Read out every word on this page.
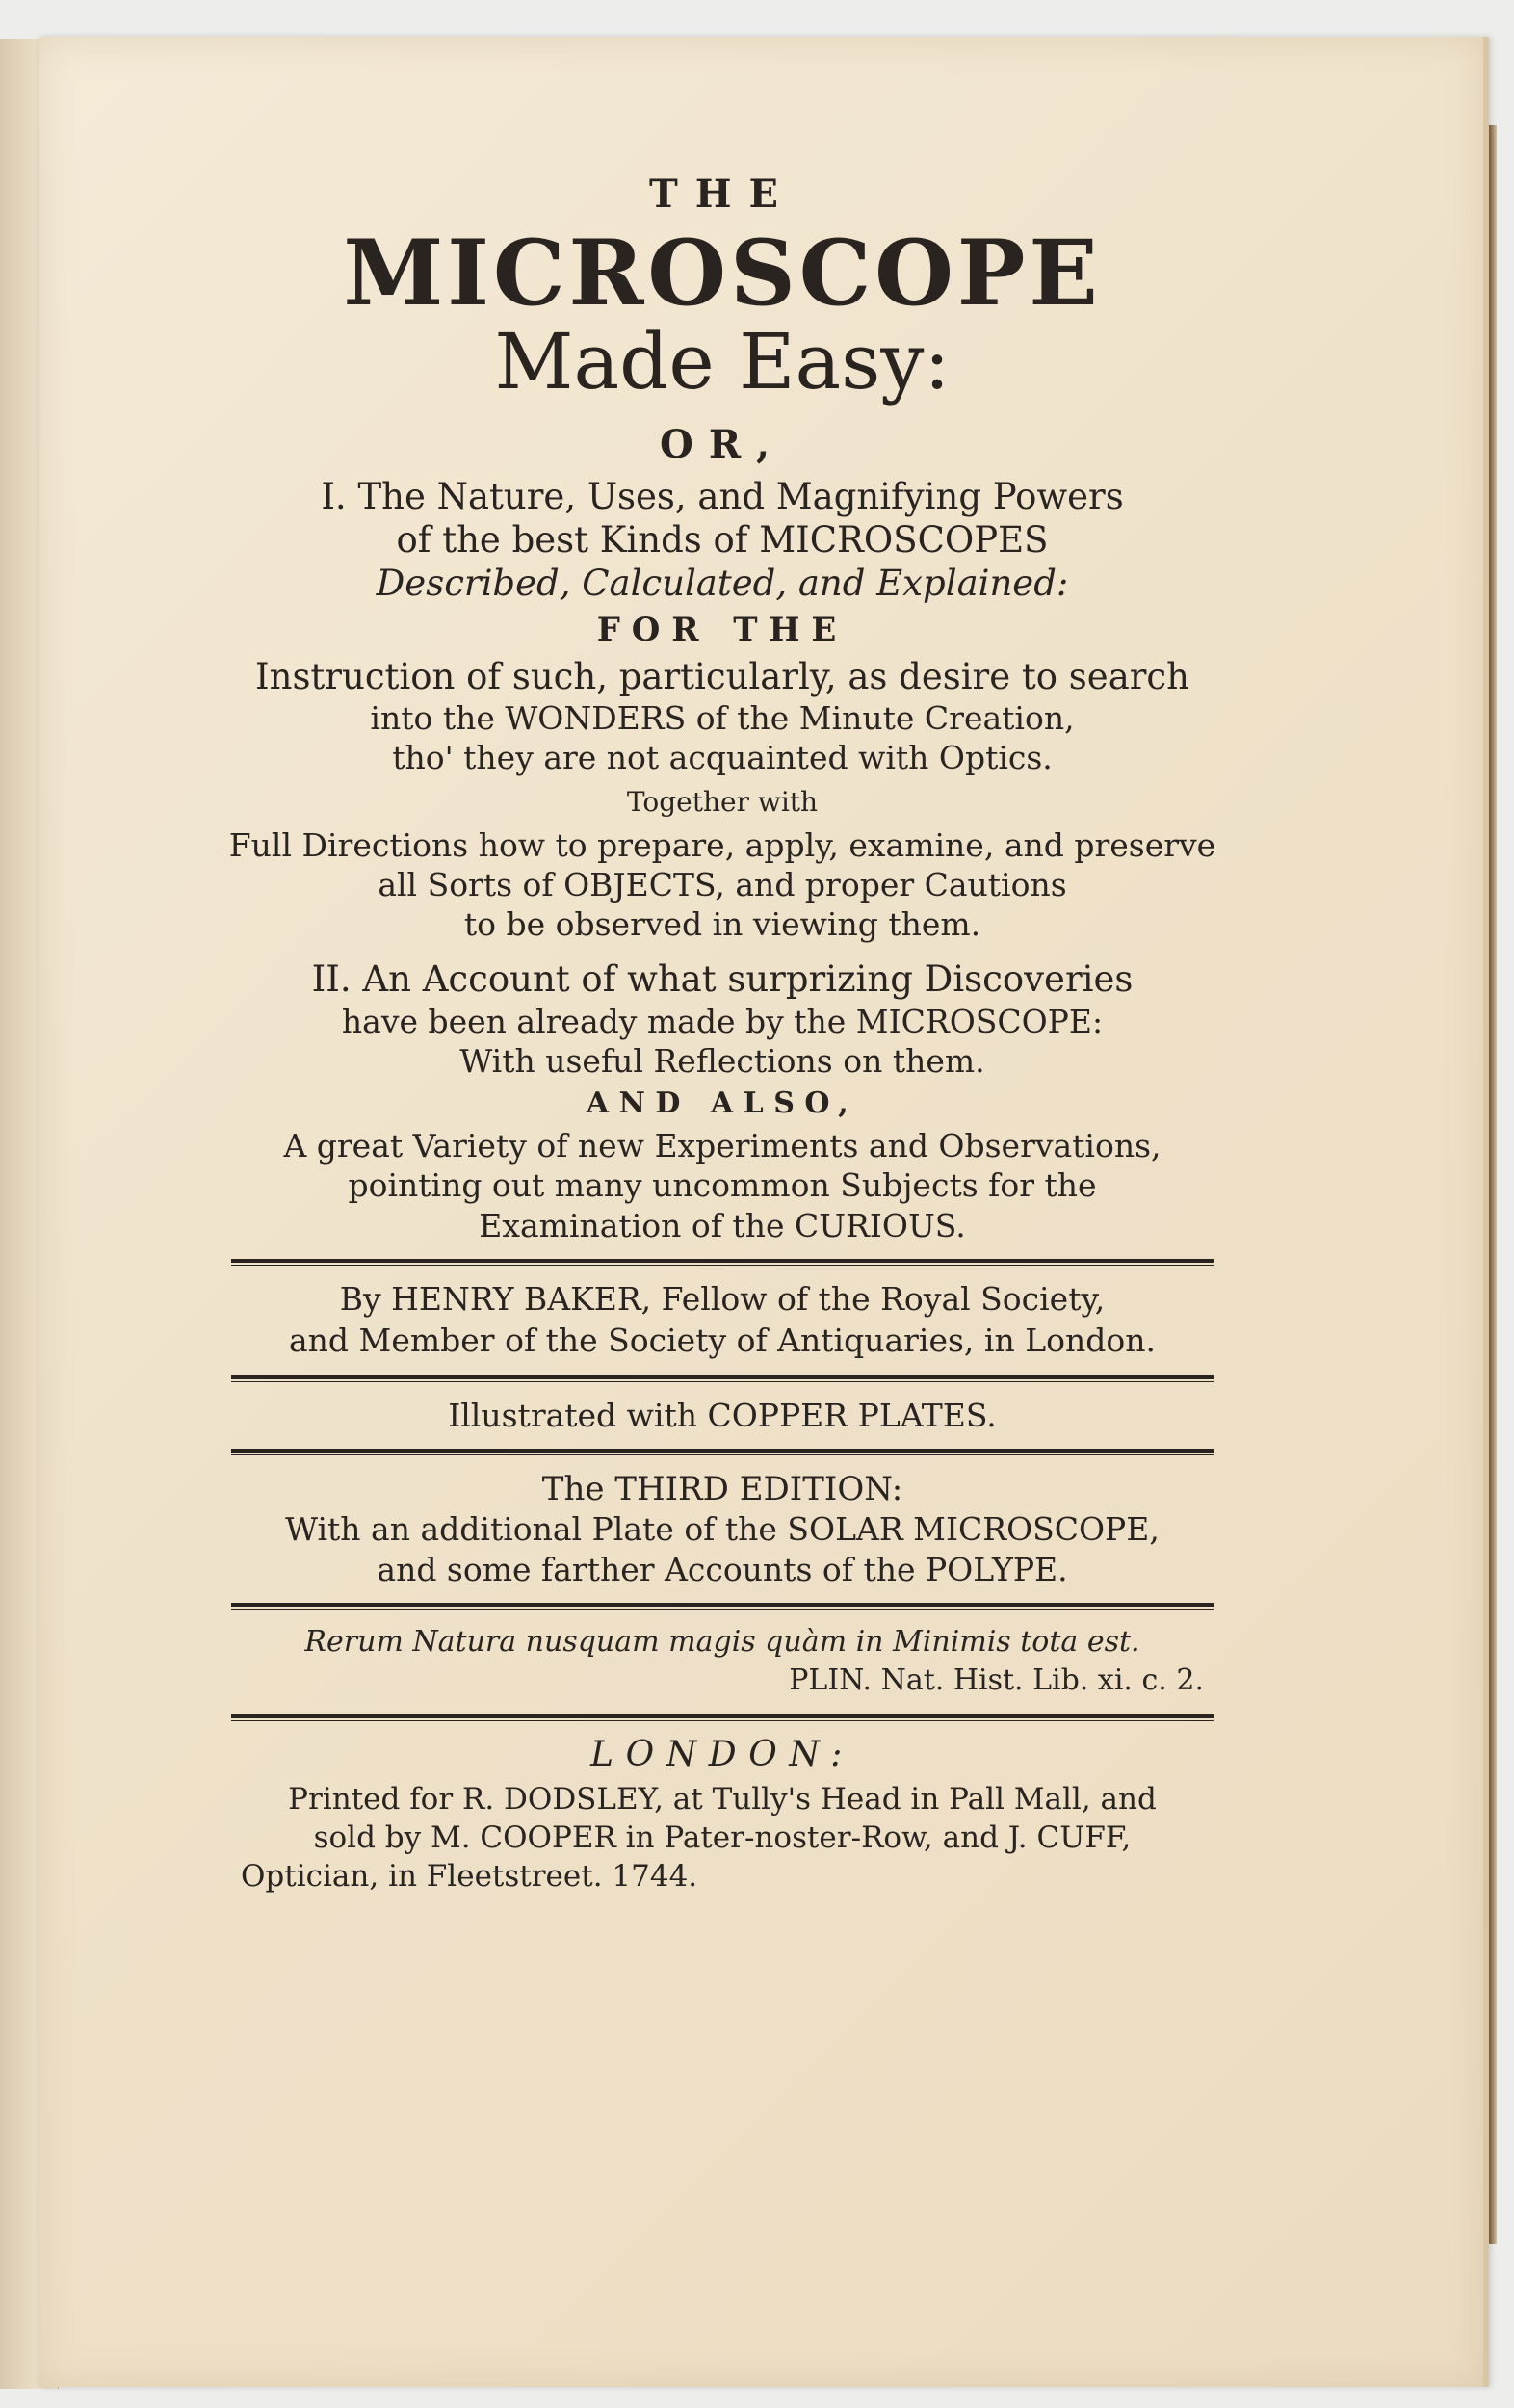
THE

MICROSCOPE

Made Easy:

OR,

I. The Nature, Uses, and Magnifying Powers

of the best Kinds of MICROSCOPES

Described, Calculated, and Explained:

FOR THE

Instruction of such, particularly, as desire to search

into the WONDERS of the Minute Creation,

tho' they are not acquainted with Optics.

Together with

Full Directions how to prepare, apply, examine, and preserve

all Sorts of OBJECTS, and proper Cautions

to be observed in viewing them.

II. An Account of what surprizing Discoveries

have been already made by the MICROSCOPE:

With useful Reflections on them.

AND ALSO,

A great Variety of new Experiments and Observations,

pointing out many uncommon Subjects for the

Examination of the CURIOUS.

By HENRY BAKER, Fellow of the Royal Society,

and Member of the Society of Antiquaries, in London.

Illustrated with COPPER PLATES.

The THIRD EDITION:

With an additional Plate of the SOLAR MICROSCOPE,

and some farther Accounts of the POLYPE.

Rerum Natura nusquam magis quàm in Minimis tota est.

PLIN. Nat. Hist. Lib. xi. c. 2.

LONDON:

Printed for R. DODSLEY, at Tully's Head in Pall Mall, and

sold by M. COOPER in Pater-noster-Row, and J. CUFF,

Optician, in Fleetstreet. 1744.
